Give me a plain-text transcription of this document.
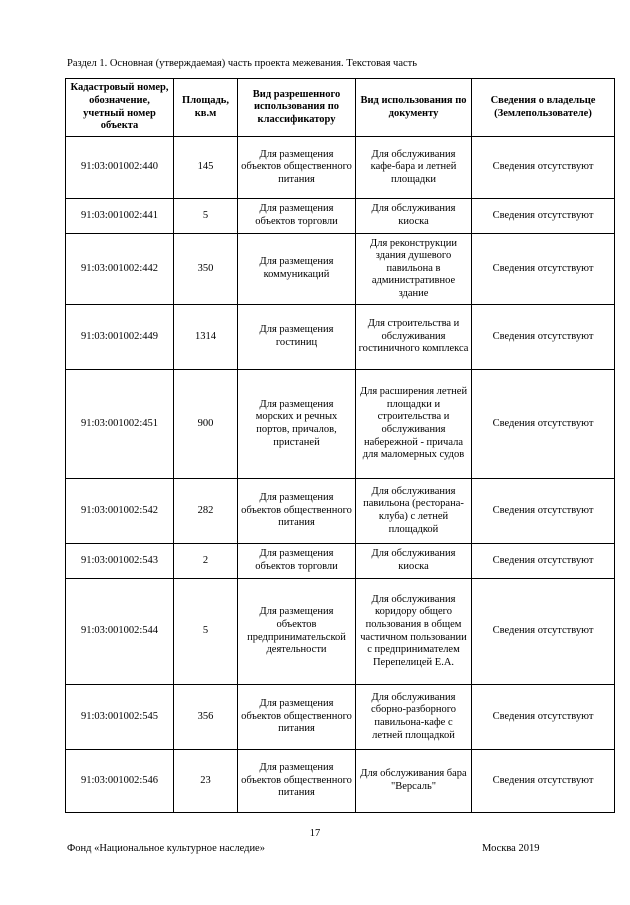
Раздел 1. Основная (утверждаемая) часть проекта межевания. Текстовая часть
Кадастровый номер, обозначение, учетный номер объекта	Площадь, кв.м	Вид разрешенного использования по классификатору	Вид использования по документу	Сведения о владельце (Землепользователе)
91:03:001002:440	145	Для размещения объектов общественного питания	Для обслуживания кафе-бара и летней площадки	Сведения отсутствуют
91:03:001002:441	5	Для размещения объектов торговли	Для обслуживания киоска	Сведения отсутствуют
91:03:001002:442	350	Для размещения коммуникаций	Для реконструкции здания душевого павильона в административное здание	Сведения отсутствуют
91:03:001002:449	1314	Для размещения гостиниц	Для строительства и обслуживания гостиничного комплекса	Сведения отсутствуют
91:03:001002:451	900	Для размещения морских и речных портов, причалов, пристаней	Для расширения летней площадки и строительства и обслуживания набережной - причала для маломерных судов	Сведения отсутствуют
91:03:001002:542	282	Для размещения объектов общественного питания	Для обслуживания павильона (ресторана-клуба) с летней площадкой	Сведения отсутствуют
91:03:001002:543	2	Для размещения объектов торговли	Для обслуживания киоска	Сведения отсутствуют
91:03:001002:544	5	Для размещения объектов предпринимательской деятельности	Для обслуживания коридору общего пользования в общем частичном пользовании с предпринимателем Перепелицей Е.А.	Сведения отсутствуют
91:03:001002:545	356	Для размещения объектов общественного питания	Для обслуживания сборно-разборного павильона-кафе с летней площадкой	Сведения отсутствуют
91:03:001002:546	23	Для размещения объектов общественного питания	Для обслуживания бара "Версаль"	Сведения отсутствуют
17
Фонд «Национальное культурное наследие»	Москва 2019
